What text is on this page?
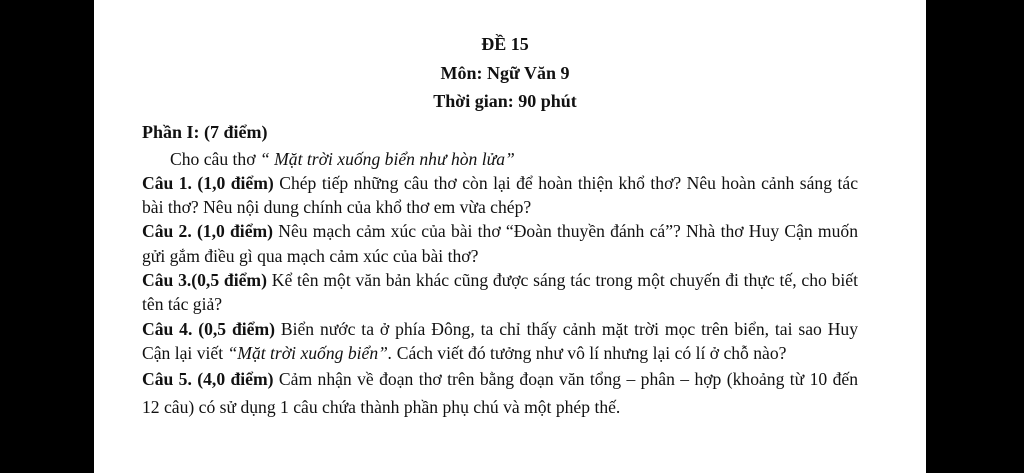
ĐỀ 15
Môn: Ngữ Văn 9
Thời gian: 90 phút
Phần I: (7 điểm)
Cho câu thơ “ Mặt trời xuống biển như hòn lửa”
Câu 1. (1,0 điểm) Chép tiếp những câu thơ còn lại để hoàn thiện khổ thơ? Nêu hoàn cảnh sáng tác bài thơ? Nêu nội dung chính của khổ thơ em vừa chép?
Câu 2. (1,0 điểm) Nêu mạch cảm xúc của bài thơ “Đoàn thuyền đánh cá”? Nhà thơ Huy Cận muốn gửi gắm điều gì qua mạch cảm xúc của bài thơ?
Câu 3.(0,5 điểm) Kể tên một văn bản khác cũng được sáng tác trong một chuyến đi thực tế, cho biết tên tác giả?
Câu 4. (0,5 điểm) Biển nước ta ở phía Đông, ta chỉ thấy cảnh mặt trời mọc trên biển, tai sao Huy Cận lại viết “Mặt trời xuống biển”. Cách viết đó tưởng như vô lí nhưng lại có lí ở chỗ nào?
Câu 5. (4,0 điểm) Cảm nhận về đoạn thơ trên bằng đoạn văn tổng – phân – hợp (khoảng từ 10 đến 12 câu) có sử dụng 1 câu chứa thành phần phụ chú và một phép thế.
